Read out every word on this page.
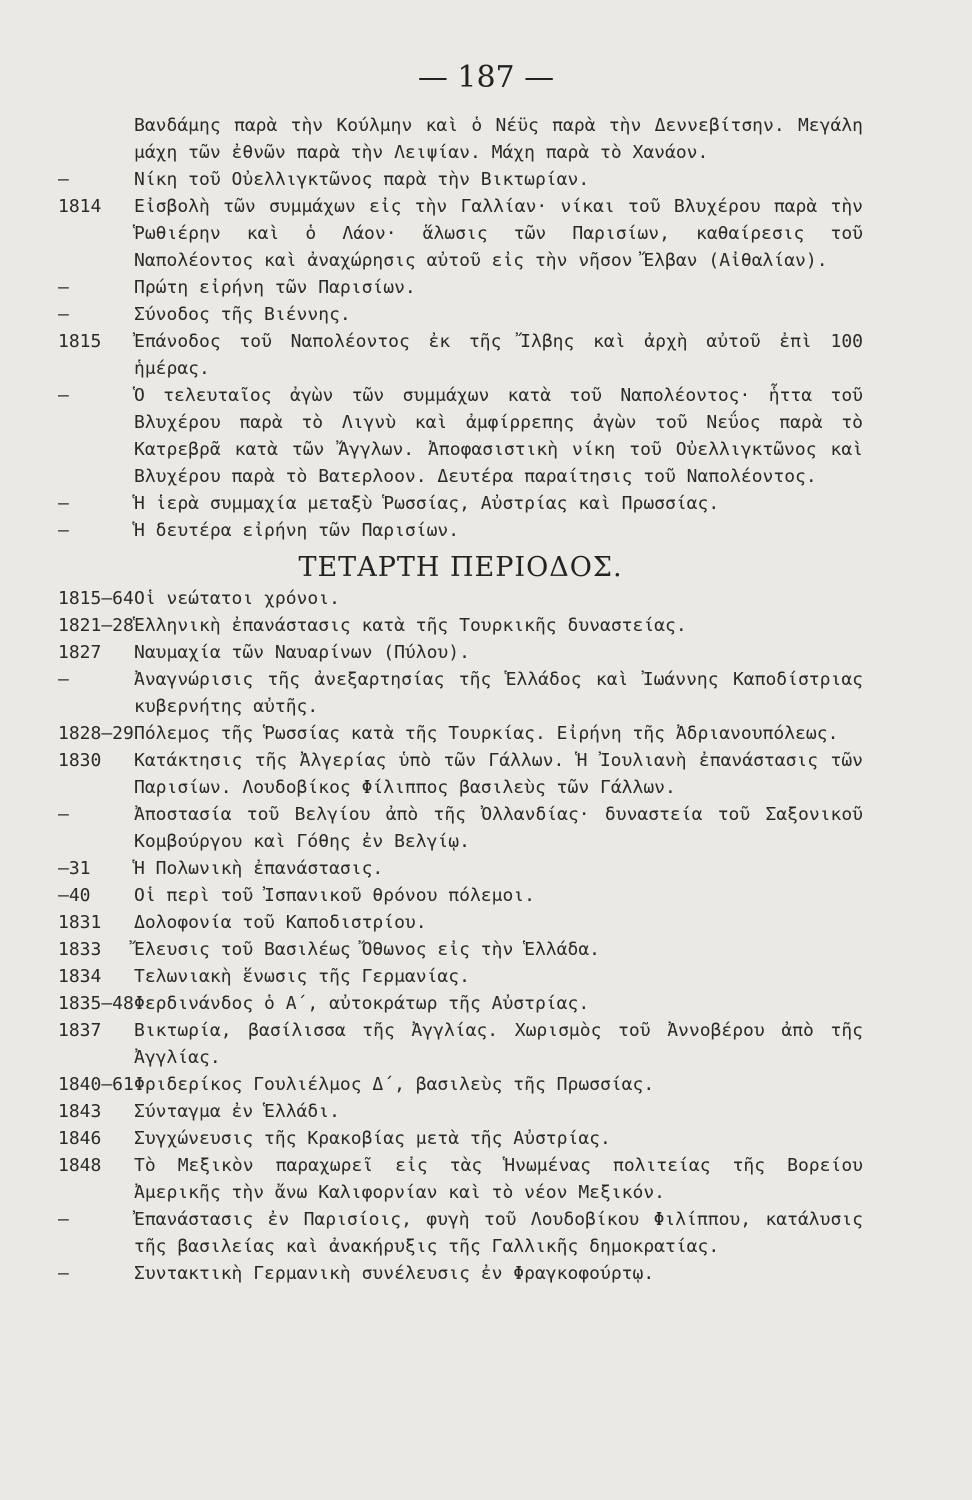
— 187 —
Βανδάμης παρὰ τὴν Κούλμην καὶ ὁ Νέϋς παρὰ τὴν Δεννεβίτσην. Μεγάλη μάχη τῶν ἐθνῶν παρὰ τὴν Λειψίαν. Μάχη παρὰ τὸ Χανάον.
—	Νίκη τοῦ Οὐελλιγκτῶνος παρὰ τὴν Βικτωρίαν.
1814 Εἰσβολὴ τῶν συμμάχων εἰς τὴν Γαλλίαν· νίκαι τοῦ Βλυχέρου παρὰ τὴν Ῥωθιέρην καὶ ὁ Λάον· ἅλωσις τῶν Παρισίων, καθαίρεσις τοῦ Ναπολέοντος καὶ ἀναχώρησις αὐτοῦ εἰς τὴν νῆσον Ἔλβαν (Αἰθαλίαν).
—	Πρώτη εἰρήνη τῶν Παρισίων.
—	Σύνοδος τῆς Βιέννης.
1815 Ἐπάνοδος τοῦ Ναπολέοντος ἐκ τῆς Ἴλβης καὶ ἀρχὴ αὐτοῦ ἐπὶ 100 ἡμέρας.
—	Ὁ τελευταῖος ἀγὼν τῶν συμμάχων κατὰ τοῦ Ναπολέοντος· ἧττα τοῦ Βλυχέρου παρὰ τὸ Λιγνὺ καὶ ἀμφίρρεπης ἀγὼν τοῦ Νεΰος παρὰ τὸ Κατρεβρᾶ κατὰ τῶν Ἄγγλων. Ἀποφασιστικὴ νίκη τοῦ Οὐελλιγκτῶνος καὶ Βλυχέρου παρὰ τὸ Βατερλοον. Δευτέρα παραίτησις τοῦ Ναπολέοντος.
—	Ἡ ἱερὰ συμμαχία μεταξὺ Ῥωσσίας, Αὐστρίας καὶ Πρωσσίας.
—	Ἡ δευτέρα εἰρήνη τῶν Παρισίων.
ΤΕΤΑΡΤΗ ΠΕΡΙΟΔΟΣ.
1815—64 Οἱ νεώτατοι χρόνοι.
1821—28 Ἑλληνικὴ ἐπανάστασις κατὰ τῆς Τουρκικῆς δυναστείας.
1827 Ναυμαχία τῶν Ναυαρίνων (Πύλου).
—	Ἀναγνώρισις τῆς ἀνεξαρτησίας τῆς Ἑλλάδος καὶ Ἰωάννης Καποδίστριας κυβερνήτης αὐτῆς.
1828—29 Πόλεμος τῆς Ῥωσσίας κατὰ τῆς Τουρκίας. Εἰρήνη τῆς Ἀδριανουπόλεως.
1830 Κατάκτησις τῆς Ἀλγερίας ὑπὸ τῶν Γάλλων. Ἡ Ἰουλιανὴ ἐπανάστασις τῶν Παρισίων. Λουδοβίκος Φίλιππος βασιλεὺς τῶν Γάλλων.
—	Ἀποστασία τοῦ Βελγίου ἀπὸ τῆς Ὀλλανδίας· δυναστεία τοῦ Σαξονικοῦ Κομβούργου καὶ Γόθης ἐν Βελγίῳ.
—31 Ἡ Πολωνικὴ ἐπανάστασις.
—40 Οἱ περὶ τοῦ Ἰσπανικοῦ θρόνου πόλεμοι.
1831 Δολοφονία τοῦ Καποδιστρίου.
1833 Ἔλευσις τοῦ Βασιλέως Ὄθωνος εἰς τὴν Ἑλλάδα.
1834 Τελωνιακὴ ἕνωσις τῆς Γερμανίας.
1835—48 Φερδινάνδος ὁ Α΄, αὐτοκράτωρ τῆς Αὐστρίας.
1837 Βικτωρία, βασίλισσα τῆς Ἀγγλίας. Χωρισμὸς τοῦ Ἀννοβέρου ἀπὸ τῆς Ἀγγλίας.
1840—61 Φριδερίκος Γουλιέλμος Δ΄, βασιλεὺς τῆς Πρωσσίας.
1843 Σύνταγμα ἐν Ἑλλάδι.
1846 Συγχώνευσις τῆς Κρακοβίας μετὰ τῆς Αὐστρίας.
1848 Τὸ Μεξικὸν παραχωρεῖ εἰς τὰς Ἡνωμένας πολιτείας τῆς Βορείου Ἀμερικῆς τὴν ἄνω Καλιφορνίαν καὶ τὸ νέον Μεξικόν.
—	Ἐπανάστασις ἐν Παρισίοις, φυγὴ τοῦ Λουδοβίκου Φιλίππου, κατάλυσις τῆς βασιλείας καὶ ἀνακήρυξις τῆς Γαλλικῆς δημοκρατίας.
—	Συντακτικὴ Γερμανικὴ συνέλευσις ἐν Φραγκοφούρτῳ.
